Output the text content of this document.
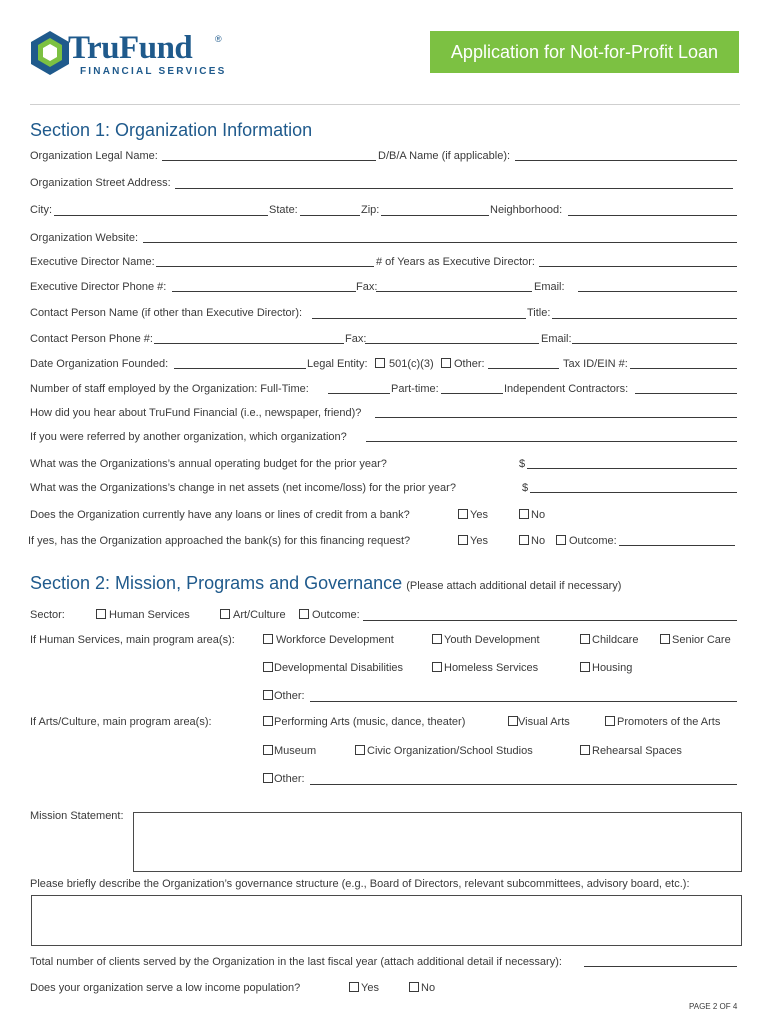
TruFund	®
FINANCIAL SERVICES
Application for Not-for-Profit Loan
Section 1: Organization Information
Organization Legal Name:	D/B/A Name (if applicable):
Organization Street Address:
City:	State:	Zip:	Neighborhood:
Organization Website:
Executive Director Name:	# of Years as Executive Director:
Executive Director Phone #:	Fax:	Email:
Contact Person Name (if other than Executive Director):	Title:
Contact Person Phone #:	Fax:	Email:
Date Organization Founded:	Legal Entity: 501(c)(3) Other:	Tax ID/EIN #:
Number of staff employed by the Organization: Full-Time:	Part-time:	Independent Contractors:
How did you hear about TruFund Financial (i.e., newspaper, friend)?
If you were referred by another organization, which organization?
What was the Organizations’s annual operating budget for the prior year?	$
What was the Organizations’s change in net assets (net income/loss) for the prior year?	$
Does the Organization currently have any loans or lines of credit from a bank?	Yes	No
If yes, has the Organization approached the bank(s) for this financing request?	Yes	No Outcome:
Section 2: Mission, Programs and Governance (Please attach additional detail if necessary)
Sector:	Human Services	Art/Culture Outcome:
If Human Services, main program area(s):	Workforce Development	Youth Development	Childcare	Senior Care
Developmental Disabilities	Homeless Services	Housing
Other:
If Arts/Culture, main program area(s):	Performing Arts (music, dance, theater)	Visual Arts	Promoters of the Arts
Museum	Civic Organization/School Studios	Rehearsal Spaces
Other:
Mission Statement:
Please briefly describe the Organization’s governance structure (e.g., Board of Directors, relevant subcommittees, advisory board, etc.):
Total number of clients served by the Organization in the last fiscal year (attach additional detail if necessary):
Does your organization serve a low income population?	Yes	No
PAGE 2 OF 4
